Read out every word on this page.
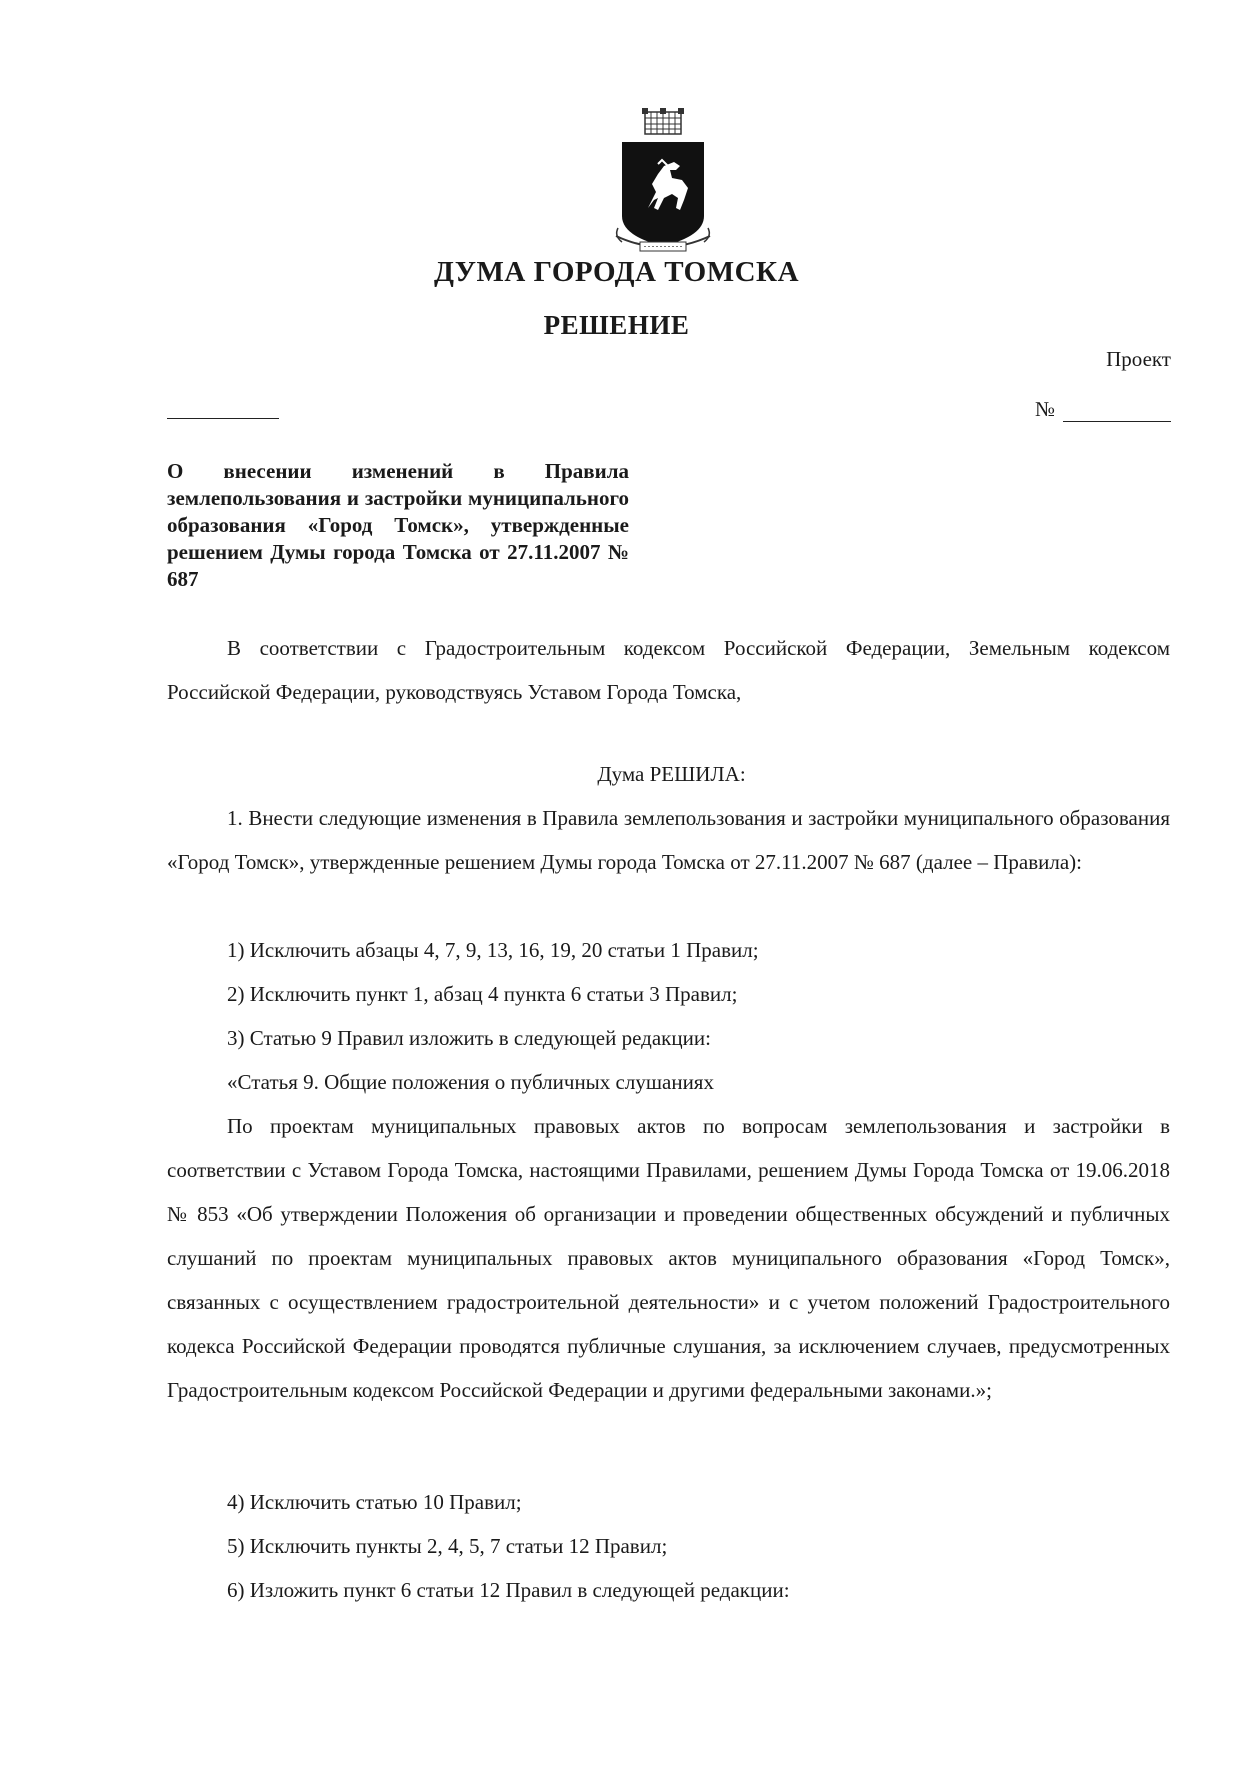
ДУМА ГОРОДА ТОМСКА
РЕШЕНИЕ
Проект
№
О внесении изменений в Правила землепользования и застройки муниципального образования «Город Томск», утвержденные решением Думы города Томска от 27.11.2007 № 687
В соответствии с Градостроительным кодексом Российской Федерации, Земельным кодексом Российской Федерации, руководствуясь Уставом Города Томска,
Дума РЕШИЛА:
1. Внести следующие изменения в Правила землепользования и застройки муниципального образования «Город Томск», утвержденные решением Думы города Томска от 27.11.2007 № 687 (далее – Правила):
1) Исключить абзацы 4, 7, 9, 13, 16, 19, 20 статьи 1 Правил;
2) Исключить пункт 1, абзац 4 пункта 6 статьи 3 Правил;
3) Статью 9 Правил изложить в следующей редакции:
«Статья 9. Общие положения о публичных слушаниях
По проектам муниципальных правовых актов по вопросам землепользования и застройки в соответствии с Уставом Города Томска, настоящими Правилами, решением Думы Города Томска от 19.06.2018 № 853 «Об утверждении Положения об организации и проведении общественных обсуждений и публичных слушаний по проектам муниципальных правовых актов муниципального образования «Город Томск», связанных с осуществлением градостроительной деятельности» и с учетом положений Градостроительного кодекса Российской Федерации проводятся публичные слушания, за исключением случаев, предусмотренных Градостроительным кодексом Российской Федерации и другими федеральными законами.»;
4) Исключить статью 10 Правил;
5) Исключить пункты 2, 4, 5, 7 статьи 12 Правил;
6) Изложить пункт 6 статьи 12 Правил в следующей редакции:
